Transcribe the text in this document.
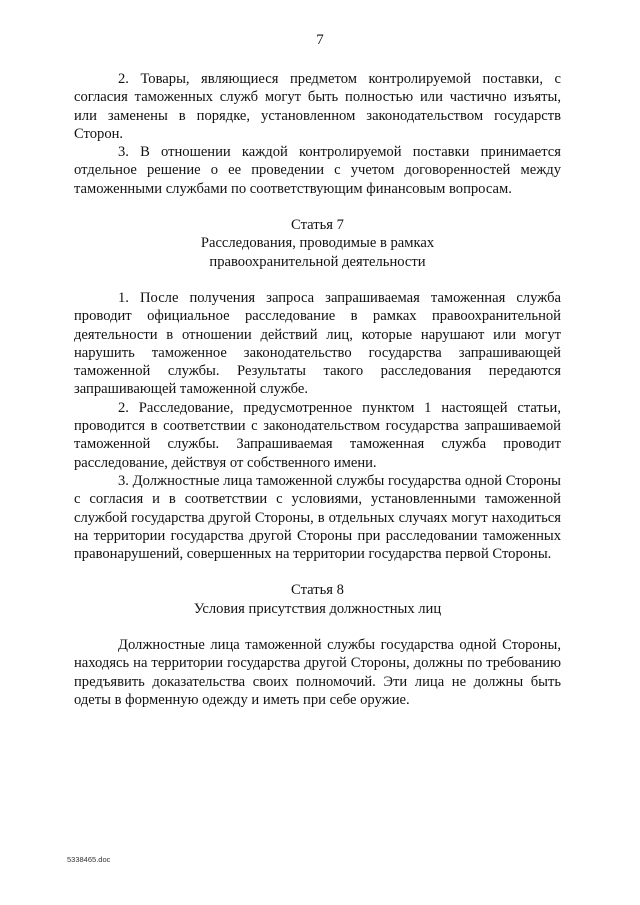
7

2. Товары, являющиеся предметом контролируемой поставки, с согласия таможенных служб могут быть полностью или частично изъяты, или заменены в порядке, установленном законодательством государств Сторон.

3. В отношении каждой контролируемой поставки принимается отдельное решение о ее проведении с учетом договоренностей между таможенными службами по соответствующим финансовым вопросам.

Статья 7

Расследования, проводимые в рамках

правоохранительной деятельности

1. После получения запроса запрашиваемая таможенная служба проводит официальное расследование в рамках правоохранительной деятельности в отношении действий лиц, которые нарушают или могут нарушить таможенное законодательство государства запрашивающей таможенной службы. Результаты такого расследования передаются запрашивающей таможенной службе.

2. Расследование, предусмотренное пунктом 1 настоящей статьи, проводится в соответствии с законодательством государства запрашиваемой таможенной службы. Запрашиваемая таможенная служба проводит расследование, действуя от собственного имени.

3. Должностные лица таможенной службы государства одной Стороны с согласия и в соответствии с условиями, установленными таможенной службой государства другой Стороны, в отдельных случаях могут находиться на территории государства другой Стороны при расследовании таможенных правонарушений, совершенных на территории государства первой Стороны.

Статья 8

Условия присутствия должностных лиц

Должностные лица таможенной службы государства одной Стороны, находясь на территории государства другой Стороны, должны по требованию предъявить доказательства своих полномочий. Эти лица не должны быть одеты в форменную одежду и иметь при себе оружие.

5338465.doc
